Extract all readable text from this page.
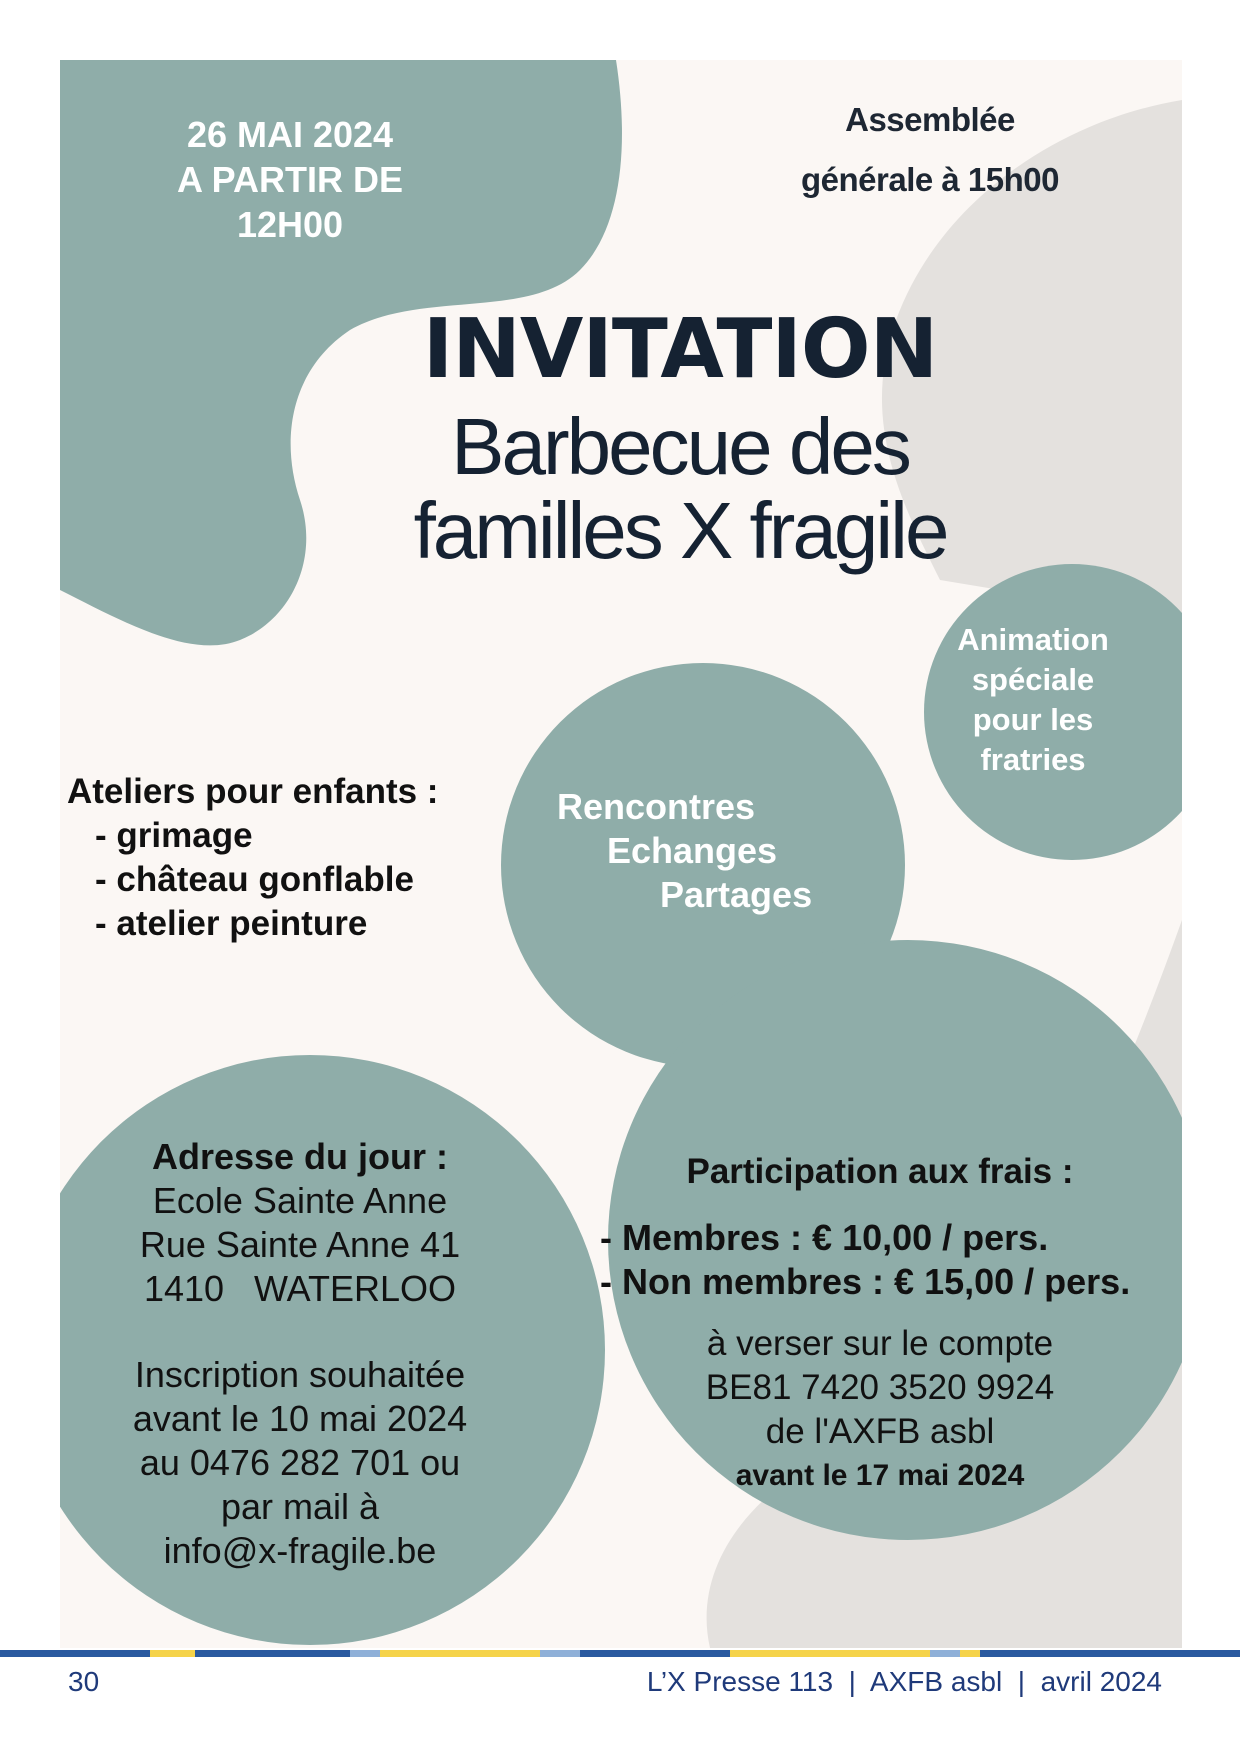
26 MAI 2024
A PARTIR DE
12H00
Assemblée
générale à 15h00
INVITATION
Barbecue des
familles X fragile
Animation
spéciale
pour les
fratries
Ateliers pour enfants :
- grimage
- château gonflable
- atelier peinture
Rencontres
Echanges
Partages
Adresse du jour :
Ecole Sainte Anne
Rue Sainte Anne 41
1410   WATERLOO
Inscription souhaitée
avant le 10 mai 2024
au 0476 282 701 ou
par mail à
info@x-fragile.be
Participation aux frais :
- Membres : € 10,00 / pers.
- Non membres : € 15,00 / pers.
à verser sur le compte
BE81 7420 3520 9924
de l'AXFB asbl
avant le 17 mai 2024
30	L’X Presse 113  |  AXFB asbl  |  avril 2024
